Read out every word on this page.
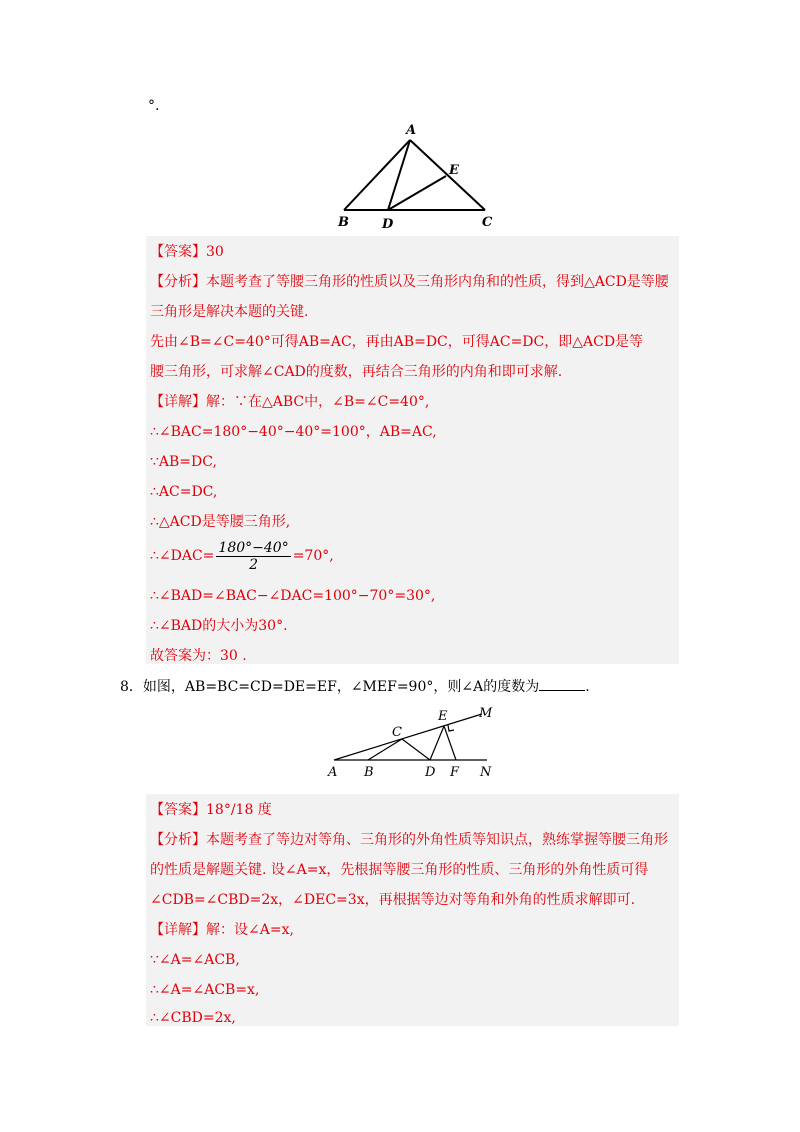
°.
A
E
B	D	C
【答案】30
【分析】本题考查了等腰三角形的性质以及三角形内角和的性质，得到△ACD是等腰
三角形是解决本题的关键.
先由∠B=∠C=40°可得AB=AC，再由AB=DC，可得AC=DC，即△ACD是等
腰三角形，可求解∠CAD的度数，再结合三角形的内角和即可求解.
【详解】解：∵在△ABC中，∠B=∠C=40°,
∴∠BAC=180°−40°−40°=100°，AB=AC,
∵AB=DC,
∴AC=DC,
∴△ACD是等腰三角形,
∴∠DAC= $\frac{180^\circ-40^\circ}{2} =70^\circ$,
∴∠BAD=∠BAC−∠DAC=100°−70°=30°,
∴∠BAD的大小为30°.
故答案为：30 .
8．如图，AB=BC=CD=DE=EF，∠MEF=90°，则∠A的度数为	.
C
E M
A B	D F N
【答案】18°/18 度
【分析】本题考查了等边对等角、三角形的外角性质等知识点，熟练掌握等腰三角形
的性质是解题关键. 设∠A=x，先根据等腰三角形的性质、三角形的外角性质可得
∠CDB=∠CBD=2x，∠DEC=3x，再根据等边对等角和外角的性质求解即可.
【详解】解：设∠A=x,
∵∠A=∠ACB,
∴∠A=∠ACB=x,
∴∠CBD=2x,
